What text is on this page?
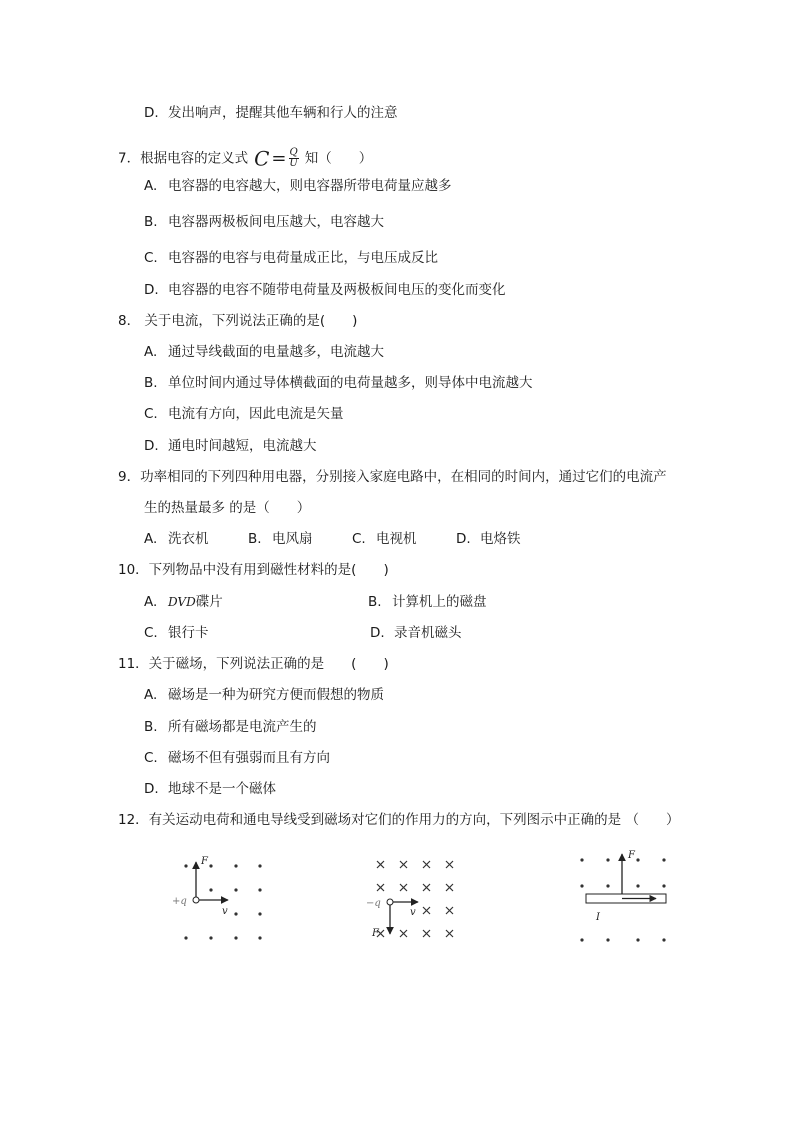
D. 发出响声，提醒其他车辆和行人的注意
7．根据电容的定义式 $C = \frac{Q}{U}$ 知（　　）
A. 电容器的电容越大，则电容器所带电荷量应越多
B. 电容器两极板间电压越大，电容越大
C. 电容器的电容与电荷量成正比，与电压成反比
D. 电容器的电容不随带电荷量及两极板间电压的变化而变化
8． 关于电流，下列说法正确的是(　　)
A. 通过导线截面的电量越多，电流越大
B. 单位时间内通过导体横截面的电荷量越多，则导体中电流越大
C. 电流有方向，因此电流是矢量
D. 通电时间越短，电流越大
9．功率相同的下列四种用电器，分别接入家庭电路中，在相同的时间内，通过它们的电流产
生的热量最多 的是（　　）
A. 洗衣机	B. 电风扇	C. 电视机	D. 电烙铁
10．下列物品中没有用到磁性材料的是(　　)
A. DVD碟片	B. 计算机上的磁盘
C. 银行卡	D. 录音机磁头
11．关于磁场，下列说法正确的是　　(　　)
A. 磁场是一种为研究方便而假想的物质
B. 所有磁场都是电流产生的
C. 磁场不但有强弱而且有方向
D. 地球不是一个磁体
12．有关运动电荷和通电导线受到磁场对它们的作用力的方向，下列图示中正确的是 （　　）
F
+q
v
−q
v
F
F
I
